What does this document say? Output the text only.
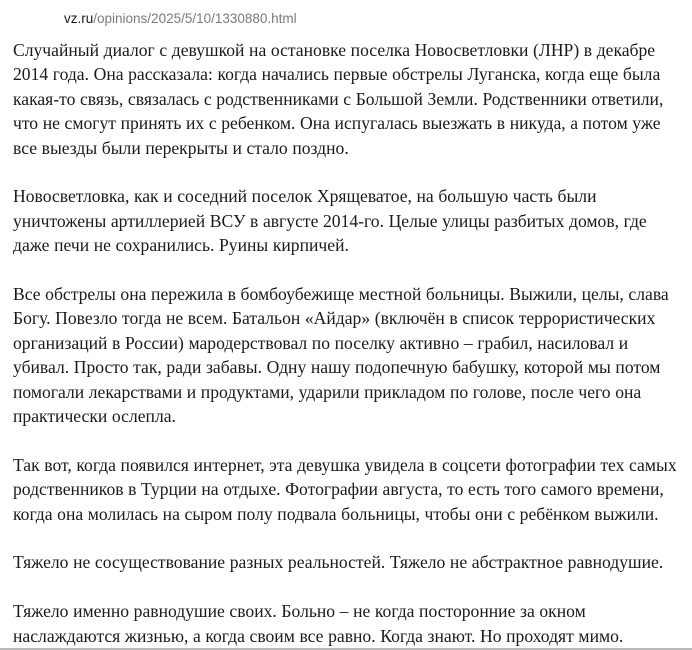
vz.ru/opinions/2025/5/10/1330880.html

Случайный диалог с девушкой на остановке поселка Новосветловки (ЛНР) в декабре 2014 года. Она рассказала: когда начались первые обстрелы Луганска, когда еще была какая-то связь, связалась с родственниками с Большой Земли. Родственники ответили, что не смогут принять их с ребенком. Она испугалась выезжать в никуда, а потом уже все выезды были перекрыты и стало поздно.

Новосветловка, как и соседний поселок Хрящеватое, на большую часть были уничтожены артиллерией ВСУ в августе 2014-го. Целые улицы разбитых домов, где даже печи не сохранились. Руины кирпичей.

Все обстрелы она пережила в бомбоубежище местной больницы. Выжили, целы, слава Богу. Повезло тогда не всем. Батальон «Айдар» (включён в список террористических организаций в России) мародерствовал по поселку активно – грабил, насиловал и убивал. Просто так, ради забавы. Одну нашу подопечную бабушку, которой мы потом помогали лекарствами и продуктами, ударили прикладом по голове, после чего она практически ослепла.

Так вот, когда появился интернет, эта девушка увидела в соцсети фотографии тех самых родственников в Турции на отдыхе. Фотографии августа, то есть того самого времени, когда она молилась на сыром полу подвала больницы, чтобы они с ребёнком выжили.

Тяжело не сосуществование разных реальностей. Тяжело не абстрактное равнодушие.

Тяжело именно равнодушие своих. Больно – не когда посторонние за окном наслаждаются жизнью, а когда своим все равно. Когда знают. Но проходят мимо.
